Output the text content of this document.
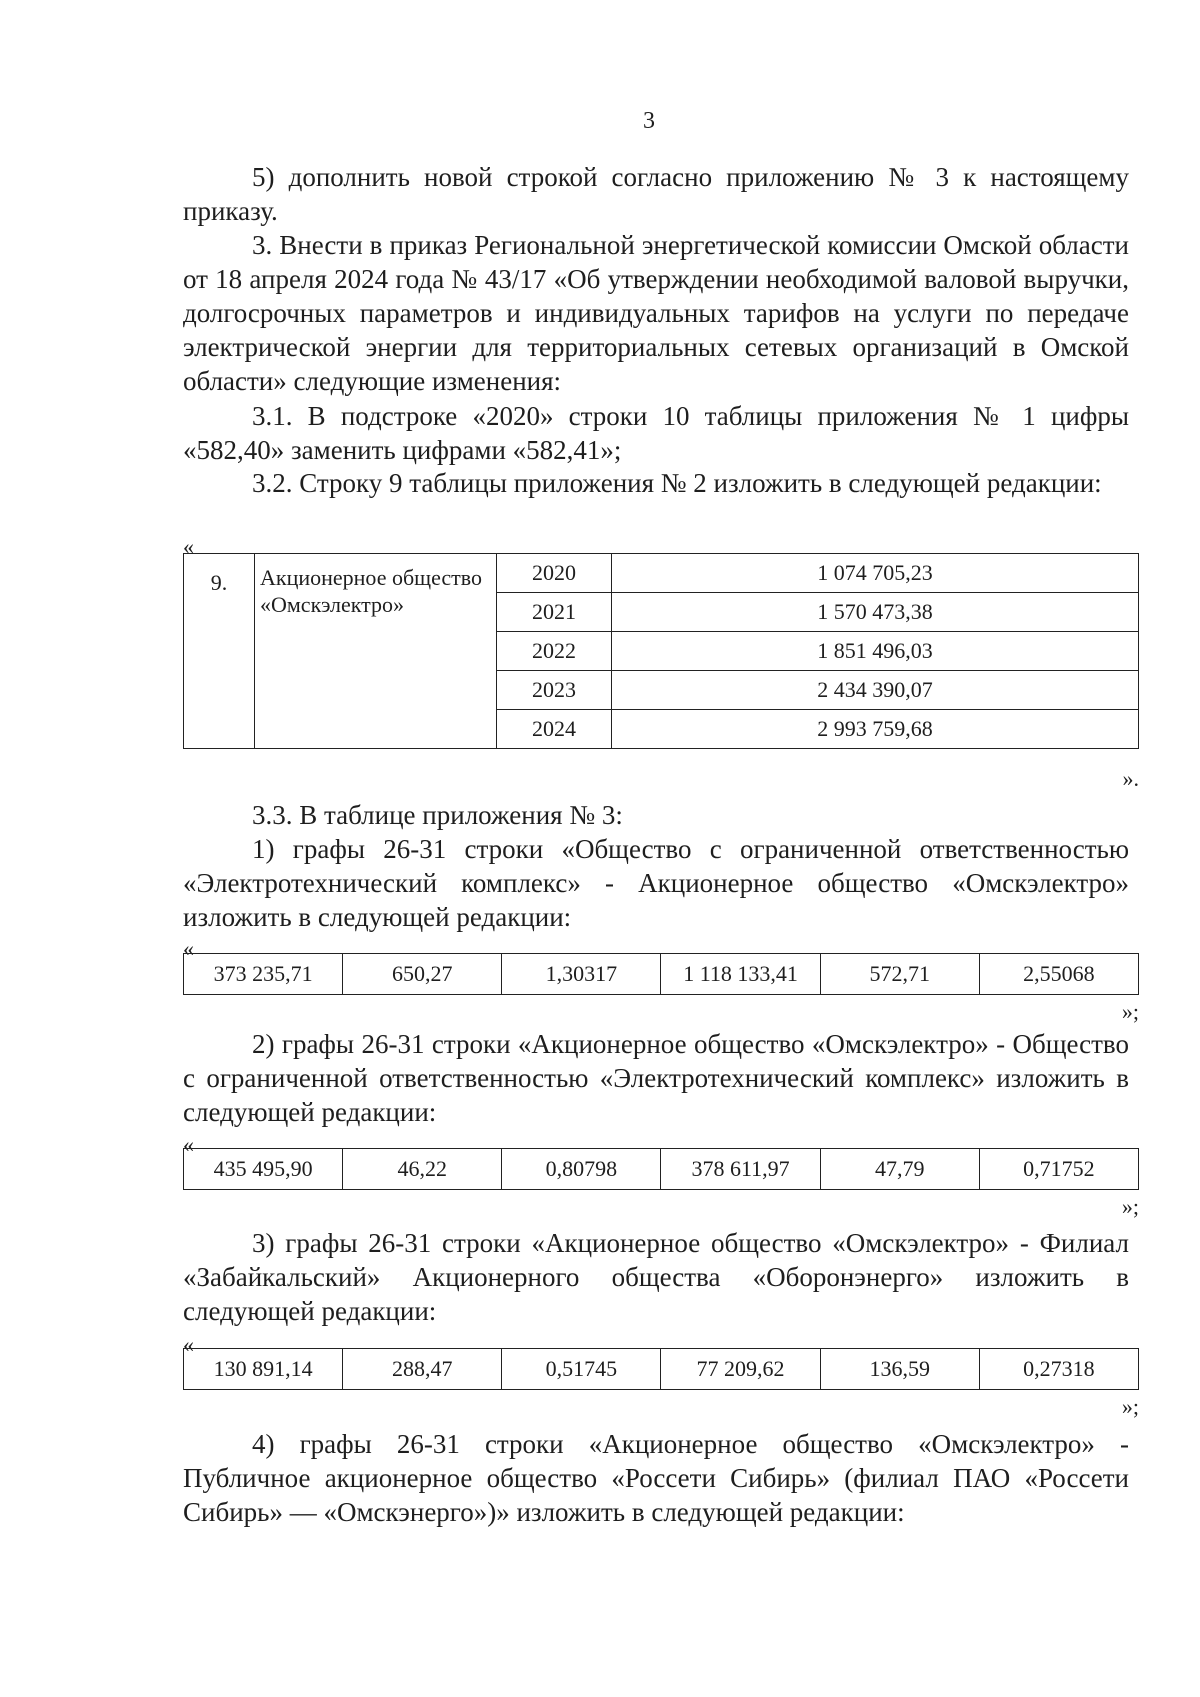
3
5) дополнить новой строкой согласно приложению № 3 к настоящему приказу.
3. Внести в приказ Региональной энергетической комиссии Омской области от 18 апреля 2024 года № 43/17 «Об утверждении необходимой валовой выручки, долгосрочных параметров и индивидуальных тарифов на услуги по передаче электрической энергии для территориальных сетевых организаций в Омской области» следующие изменения:
3.1. В подстроке «2020» строки 10 таблицы приложения № 1 цифры «582,40» заменить цифрами «582,41»;
3.2. Строку 9 таблицы приложения № 2 изложить в следующей редакции:
«
9.	Акционерное общество «Омскэлектро»	2020	1 074 705,23
		2021	1 570 473,38
		2022	1 851 496,03
		2023	2 434 390,07
		2024	2 993 759,68
».
3.3. В таблице приложения № 3:
1) графы 26-31 строки «Общество с ограниченной ответственностью «Электротехнический комплекс» - Акционерное общество «Омскэлектро» изложить в следующей редакции:
«
373 235,71	650,27	1,30317	1 118 133,41	572,71	2,55068
»;
2) графы 26-31 строки «Акционерное общество «Омскэлектро» - Общество с ограниченной ответственностью «Электротехнический комплекс» изложить в следующей редакции:
«
435 495,90	46,22	0,80798	378 611,97	47,79	0,71752
»;
3) графы 26-31 строки «Акционерное общество «Омскэлектро» - Филиал «Забайкальский» Акционерного общества «Оборонэнерго» изложить в следующей редакции:
«
130 891,14	288,47	0,51745	77 209,62	136,59	0,27318
»;
4) графы 26-31 строки «Акционерное общество «Омскэлектро» - Публичное акционерное общество «Россети Сибирь» (филиал ПАО «Россети Сибирь» — «Омскэнерго»)» изложить в следующей редакции:
